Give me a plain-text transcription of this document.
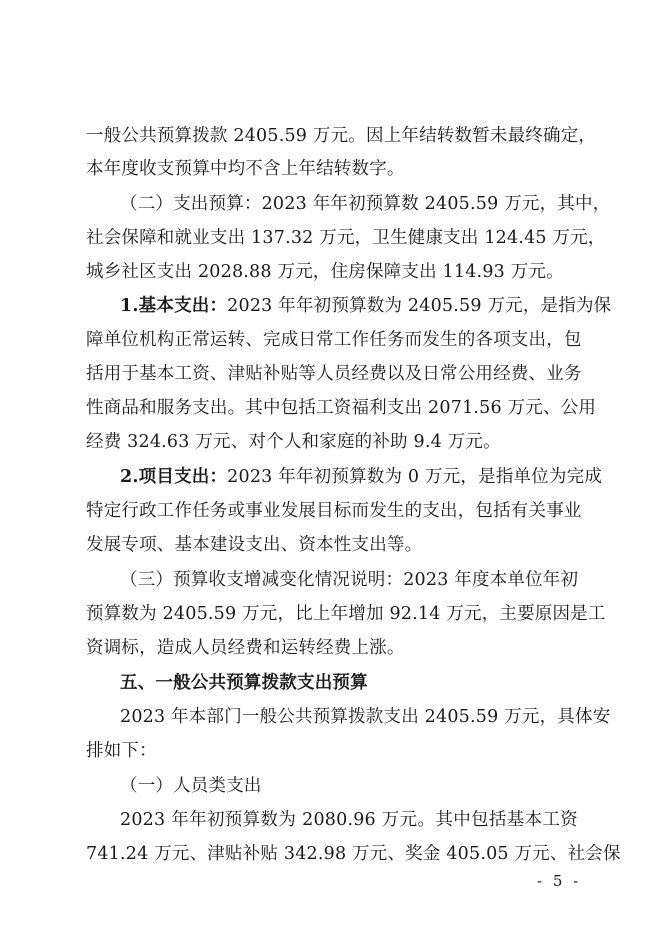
一般公共预算拨款 2405.59 万元。因上年结转数暂未最终确定，
本年度收支预算中均不含上年结转数字。
（二）支出预算：2023 年年初预算数 2405.59 万元，其中，
社会保障和就业支出 137.32 万元，卫生健康支出 124.45 万元，
城乡社区支出 2028.88 万元，住房保障支出 114.93 万元。
1.基本支出：2023 年年初预算数为 2405.59 万元，是指为保
障单位机构正常运转、完成日常工作任务而发生的各项支出，包
括用于基本工资、津贴补贴等人员经费以及日常公用经费、业务
性商品和服务支出。其中包括工资福利支出 2071.56 万元、公用
经费 324.63 万元、对个人和家庭的补助 9.4 万元。
2.项目支出：2023 年年初预算数为 0 万元，是指单位为完成
特定行政工作任务或事业发展目标而发生的支出，包括有关事业
发展专项、基本建设支出、资本性支出等。
（三）预算收支增减变化情况说明：2023 年度本单位年初
预算数为 2405.59 万元，比上年增加 92.14 万元，主要原因是工
资调标，造成人员经费和运转经费上涨。
五、一般公共预算拨款支出预算
2023 年本部门一般公共预算拨款支出 2405.59 万元，具体安
排如下：
（一）人员类支出
2023 年年初预算数为 2080.96 万元。其中包括基本工资
741.24 万元、津贴补贴 342.98 万元、奖金 405.05 万元、社会保
- 5 -
